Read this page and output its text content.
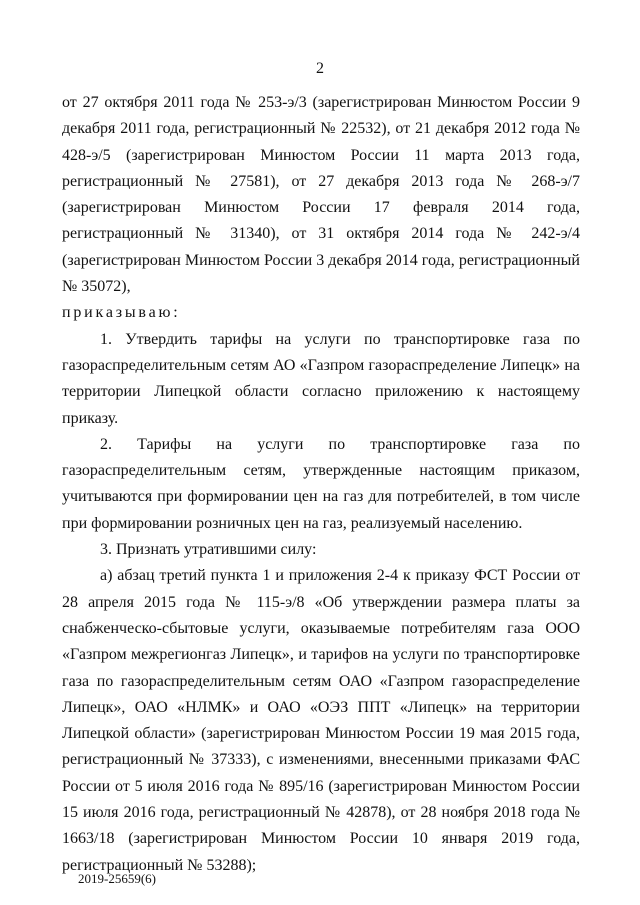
2

от 27 октября 2011 года № 253-э/3 (зарегистрирован Минюстом России 9 декабря 2011 года, регистрационный № 22532), от 21 декабря 2012 года № 428-э/5 (зарегистрирован Минюстом России 11 марта 2013 года, регистрационный № 27581), от 27 декабря 2013 года № 268-э/7 (зарегистрирован Минюстом России 17 февраля 2014 года, регистрационный № 31340), от 31 октября 2014 года № 242-э/4 (зарегистрирован Минюстом России 3 декабря 2014 года, регистрационный № 35072),

приказываю:

1. Утвердить тарифы на услуги по транспортировке газа по газораспределительным сетям АО «Газпром газораспределение Липецк» на территории Липецкой области согласно приложению к настоящему приказу.

2. Тарифы на услуги по транспортировке газа по газораспределительным сетям, утвержденные настоящим приказом, учитываются при формировании цен на газ для потребителей, в том числе при формировании розничных цен на газ, реализуемый населению.

3. Признать утратившими силу:

а) абзац третий пункта 1 и приложения 2-4 к приказу ФСТ России от 28 апреля 2015 года № 115-э/8 «Об утверждении размера платы за снабженческо-сбытовые услуги, оказываемые потребителям газа ООО «Газпром межрегионгаз Липецк», и тарифов на услуги по транспортировке газа по газораспределительным сетям ОАО «Газпром газораспределение Липецк», ОАО «НЛМК» и ОАО «ОЭЗ ППТ «Липецк» на территории Липецкой области» (зарегистрирован Минюстом России 19 мая 2015 года, регистрационный № 37333), с изменениями, внесенными приказами ФАС России от 5 июля 2016 года № 895/16 (зарегистрирован Минюстом России 15 июля 2016 года, регистрационный № 42878), от 28 ноября 2018 года № 1663/18 (зарегистрирован Минюстом России 10 января 2019 года, регистрационный № 53288);

2019-25659(6)
